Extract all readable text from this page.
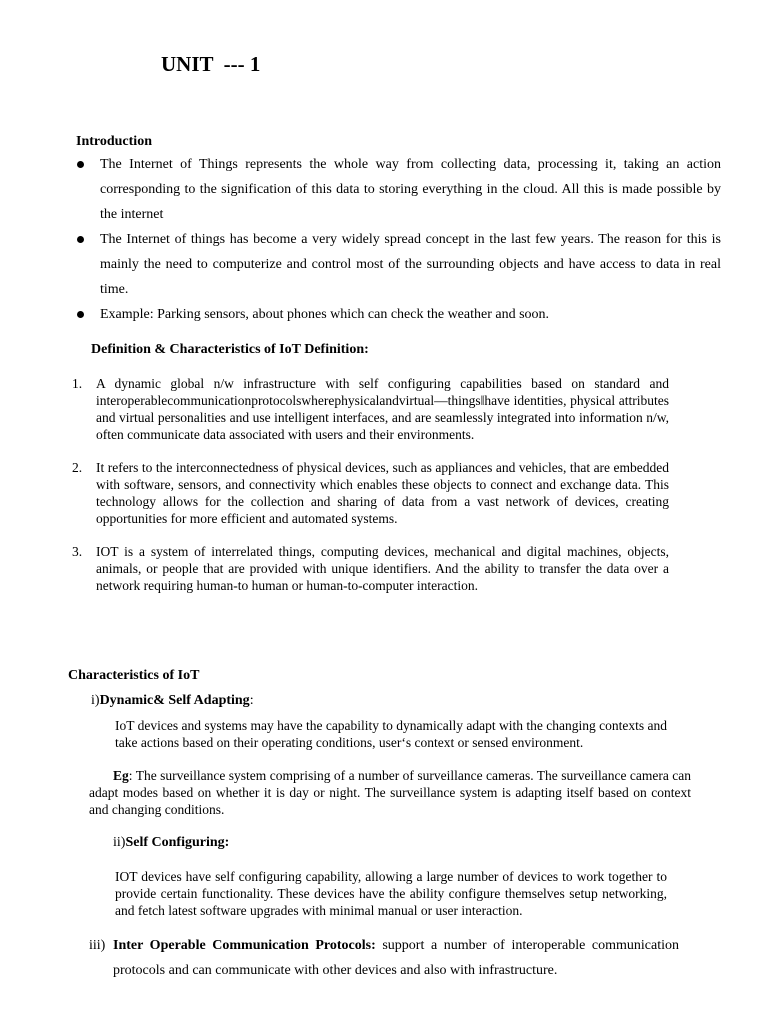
UNIT  --- 1
Introduction
The Internet of Things represents the whole way from collecting data, processing it, taking an action corresponding to the signification of this data to storing everything in the cloud. All this is made possible by the internet
The Internet of things has become a very widely spread concept in the last few years. The reason for this is mainly the need to computerize and control most of the surrounding objects and have access to data in real time.
Example: Parking sensors, about phones which can check the weather and soon.
Definition & Characteristics of IoT Definition:
1. A dynamic global n/w infrastructure with self configuring capabilities based on standard and interoperablecommunicationprotocolswherephysicalandvirtual—things‖have identities, physical attributes and virtual personalities and use intelligent interfaces, and are seamlessly integrated into information n/w, often communicate data associated with users and their environments.
2. It refers to the interconnectedness of physical devices, such as appliances and vehicles, that are embedded with software, sensors, and connectivity which enables these objects to connect and exchange data. This technology allows for the collection and sharing of data from a vast network of devices, creating opportunities for more efficient and automated systems.
3. IOT is a system of interrelated things, computing devices, mechanical and digital machines, objects, animals, or people that are provided with unique identifiers. And the ability to transfer the data over a network requiring human-to human or human-to-computer interaction.
Characteristics of IoT
i)Dynamic& Self Adapting:
IoT devices and systems may have the capability to dynamically adapt with the changing contexts and take actions based on their operating conditions, user‘s context or sensed environment.
Eg: The surveillance system comprising of a number of surveillance cameras. The surveillance camera can adapt modes based on whether it is day or night. The surveillance system is adapting itself based on context and changing conditions.
ii)Self Configuring:
IOT devices have self configuring capability, allowing a large number of devices to work together to provide certain functionality. These devices have the ability configure themselves setup networking, and fetch latest software upgrades with minimal manual or user interaction.
iii) Inter Operable Communication Protocols: support a number of interoperable communication protocols and can communicate with other devices and also with infrastructure.
